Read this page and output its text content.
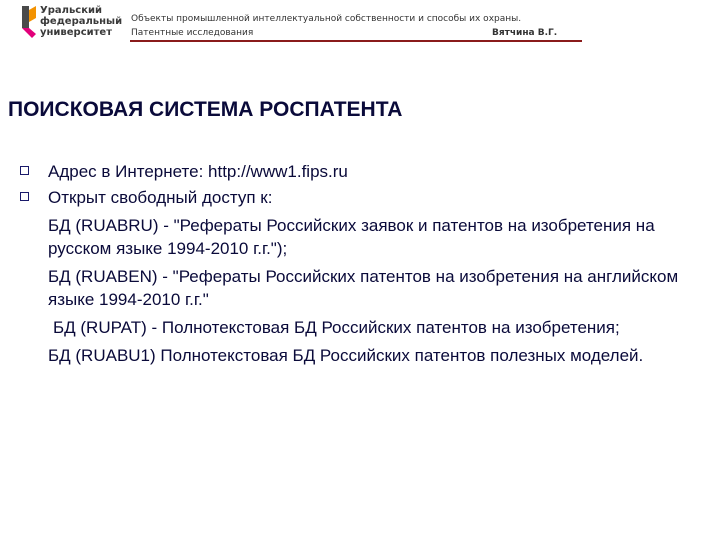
Уральский
федеральный
университет
Объекты промышленной интеллектуальной собственности и способы их охраны.
Патентные исследования	Вятчина В.Г.
ПОИСКОВАЯ СИСТЕМА РОСПАТЕНТА
Адрес в Интернете: http://www1.fips.ru
Открыт свободный доступ к:
БД (RUABRU) - "Рефераты Российских заявок и патентов на изобретения на русском языке 1994-2010 г.г.");
БД (RUABEN) - "Рефераты Российских патентов на изобретения на английском языке 1994-2010 г.г."
БД (RUPAT) - Полнотекстовая БД Российских патентов на изобретения;
БД (RUABU1) Полнотекстовая БД Российских патентов полезных моделей.
